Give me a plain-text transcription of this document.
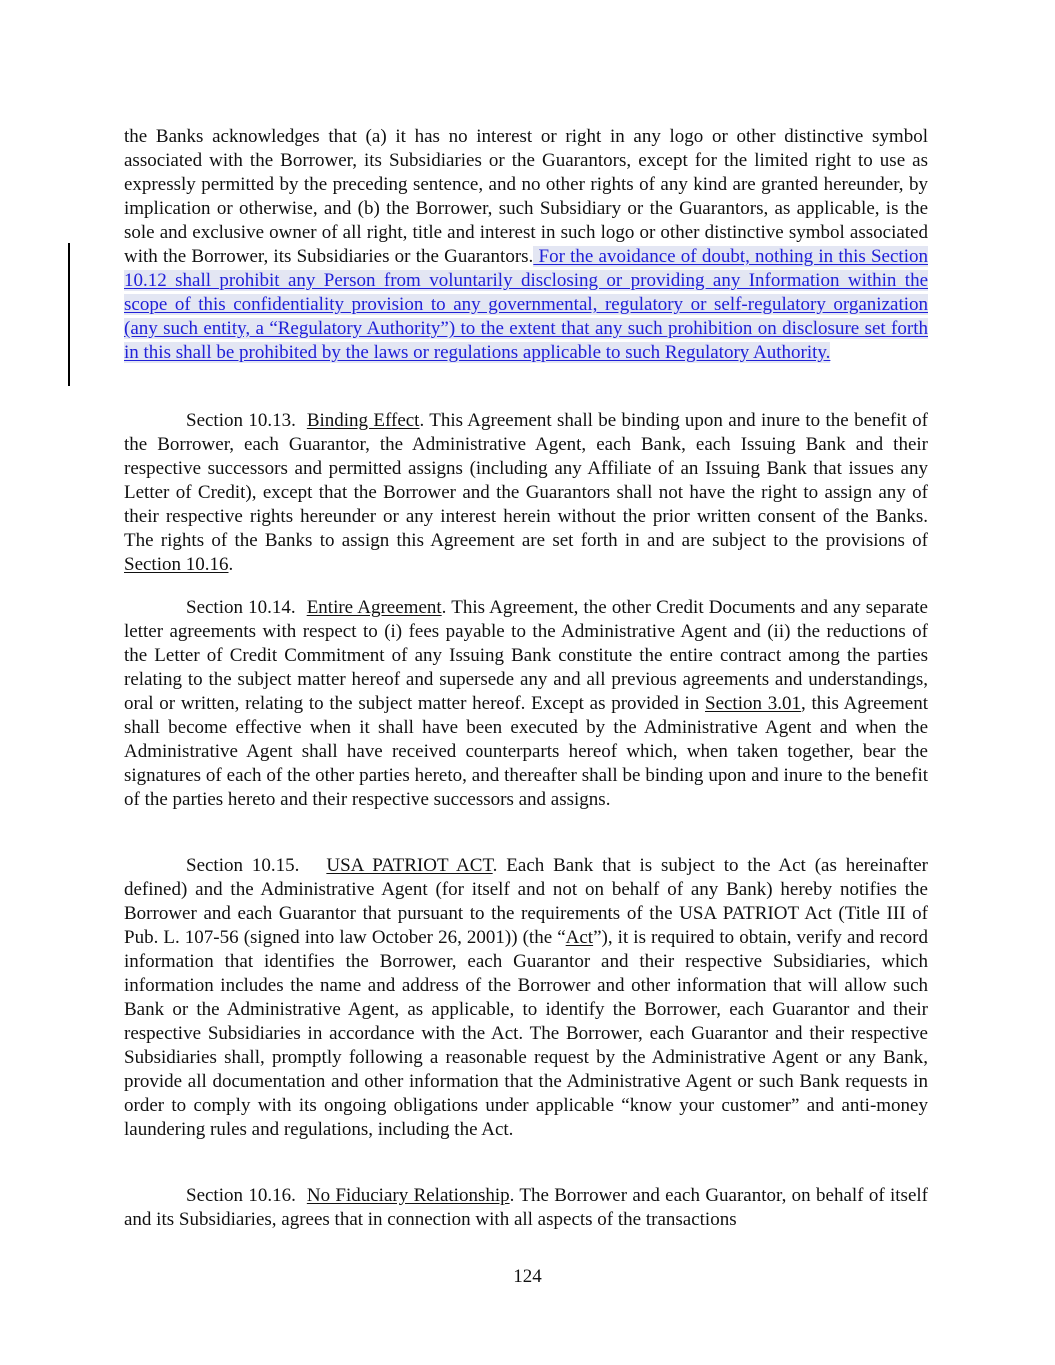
the Banks acknowledges that (a) it has no interest or right in any logo or other distinctive symbol associated with the Borrower, its Subsidiaries or the Guarantors, except for the limited right to use as expressly permitted by the preceding sentence, and no other rights of any kind are granted hereunder, by implication or otherwise, and (b) the Borrower, such Subsidiary or the Guarantors, as applicable, is the sole and exclusive owner of all right, title and interest in such logo or other distinctive symbol associated with the Borrower, its Subsidiaries or the Guarantors. For the avoidance of doubt, nothing in this Section 10.12 shall prohibit any Person from voluntarily disclosing or providing any Information within the scope of this confidentiality provision to any governmental, regulatory or self-regulatory organization (any such entity, a “Regulatory Authority”) to the extent that any such prohibition on disclosure set forth in this shall be prohibited by the laws or regulations applicable to such Regulatory Authority.
Section 10.13. Binding Effect. This Agreement shall be binding upon and inure to the benefit of the Borrower, each Guarantor, the Administrative Agent, each Bank, each Issuing Bank and their respective successors and permitted assigns (including any Affiliate of an Issuing Bank that issues any Letter of Credit), except that the Borrower and the Guarantors shall not have the right to assign any of their respective rights hereunder or any interest herein without the prior written consent of the Banks. The rights of the Banks to assign this Agreement are set forth in and are subject to the provisions of Section 10.16.
Section 10.14. Entire Agreement. This Agreement, the other Credit Documents and any separate letter agreements with respect to (i) fees payable to the Administrative Agent and (ii) the reductions of the Letter of Credit Commitment of any Issuing Bank constitute the entire contract among the parties relating to the subject matter hereof and supersede any and all previous agreements and understandings, oral or written, relating to the subject matter hereof. Except as provided in Section 3.01, this Agreement shall become effective when it shall have been executed by the Administrative Agent and when the Administrative Agent shall have received counterparts hereof which, when taken together, bear the signatures of each of the other parties hereto, and thereafter shall be binding upon and inure to the benefit of the parties hereto and their respective successors and assigns.
Section 10.15. USA PATRIOT ACT. Each Bank that is subject to the Act (as hereinafter defined) and the Administrative Agent (for itself and not on behalf of any Bank) hereby notifies the Borrower and each Guarantor that pursuant to the requirements of the USA PATRIOT Act (Title III of Pub. L. 107-56 (signed into law October 26, 2001)) (the “Act”), it is required to obtain, verify and record information that identifies the Borrower, each Guarantor and their respective Subsidiaries, which information includes the name and address of the Borrower and other information that will allow such Bank or the Administrative Agent, as applicable, to identify the Borrower, each Guarantor and their respective Subsidiaries in accordance with the Act. The Borrower, each Guarantor and their respective Subsidiaries shall, promptly following a reasonable request by the Administrative Agent or any Bank, provide all documentation and other information that the Administrative Agent or such Bank requests in order to comply with its ongoing obligations under applicable “know your customer” and anti-money laundering rules and regulations, including the Act.
Section 10.16. No Fiduciary Relationship. The Borrower and each Guarantor, on behalf of itself and its Subsidiaries, agrees that in connection with all aspects of the transactions
124
